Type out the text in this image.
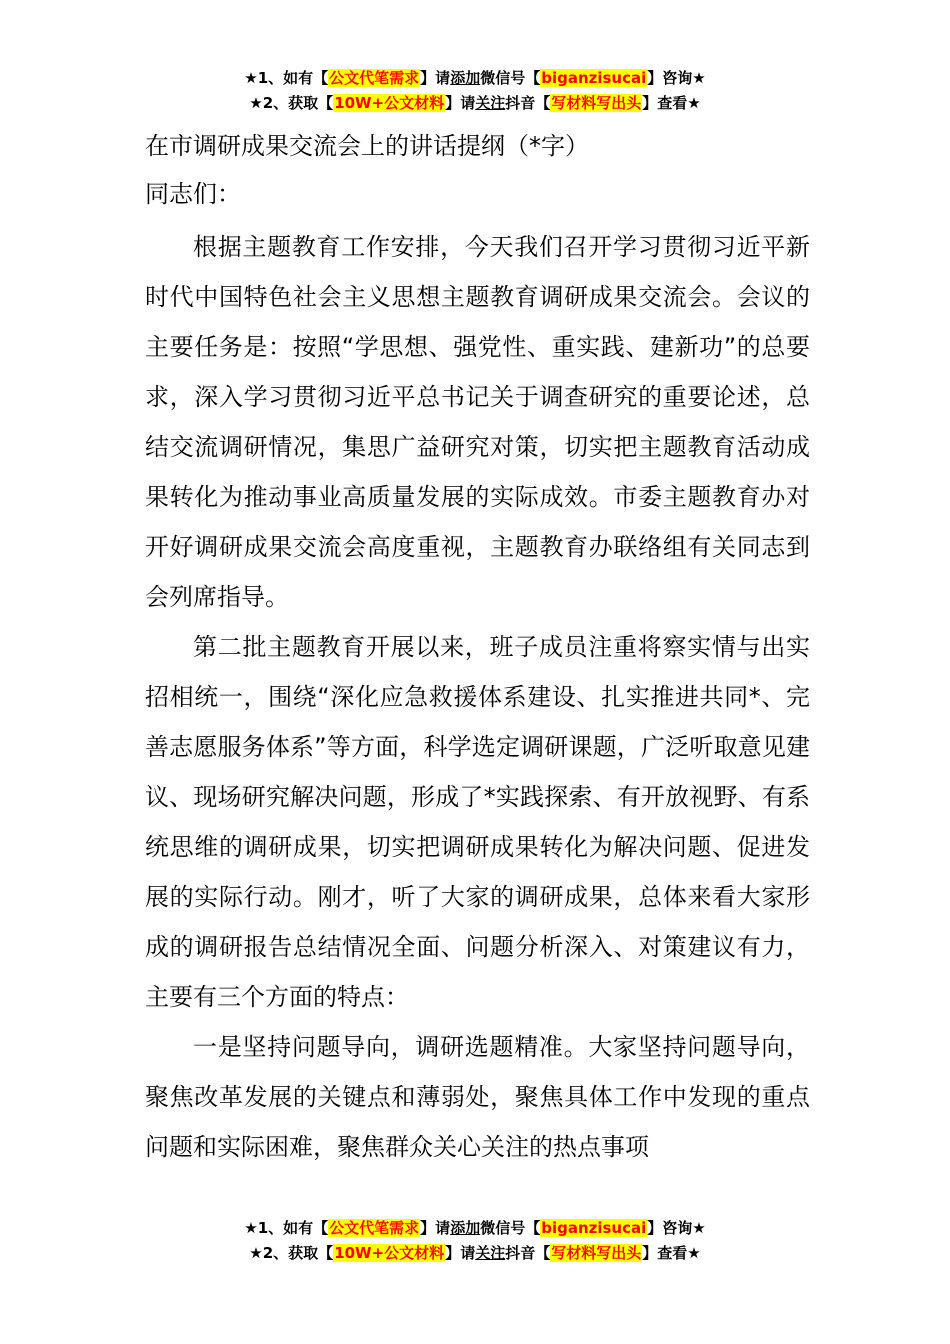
★1、如有【公文代笔需求】请添加微信号【biganzisucai】咨询★
★2、获取【10W+公文材料】请关注抖音【写材料写出头】查看★

在市调研成果交流会上的讲话提纲（*字）

同志们：

根据主题教育工作安排，今天我们召开学习贯彻习近平新时代中国特色社会主义思想主题教育调研成果交流会。会议的主要任务是：按照“学思想、强党性、重实践、建新功”的总要求，深入学习贯彻习近平总书记关于调查研究的重要论述，总结交流调研情况，集思广益研究对策，切实把主题教育活动成果转化为推动事业高质量发展的实际成效。市委主题教育办对开好调研成果交流会高度重视，主题教育办联络组有关同志到会列席指导。

第二批主题教育开展以来，班子成员注重将察实情与出实招相统一，围绕“深化应急救援体系建设、扎实推进共同*、完善志愿服务体系”等方面，科学选定调研课题，广泛听取意见建议、现场研究解决问题，形成了*实践探索、有开放视野、有系统思维的调研成果，切实把调研成果转化为解决问题、促进发展的实际行动。刚才，听了大家的调研成果，总体来看大家形成的调研报告总结情况全面、问题分析深入、对策建议有力，主要有三个方面的特点：

一是坚持问题导向，调研选题精准。大家坚持问题导向，聚焦改革发展的关键点和薄弱处，聚焦具体工作中发现的重点问题和实际困难，聚焦群众关心关注的热点事项

★1、如有【公文代笔需求】请添加微信号【biganzisucai】咨询★
★2、获取【10W+公文材料】请关注抖音【写材料写出头】查看★
